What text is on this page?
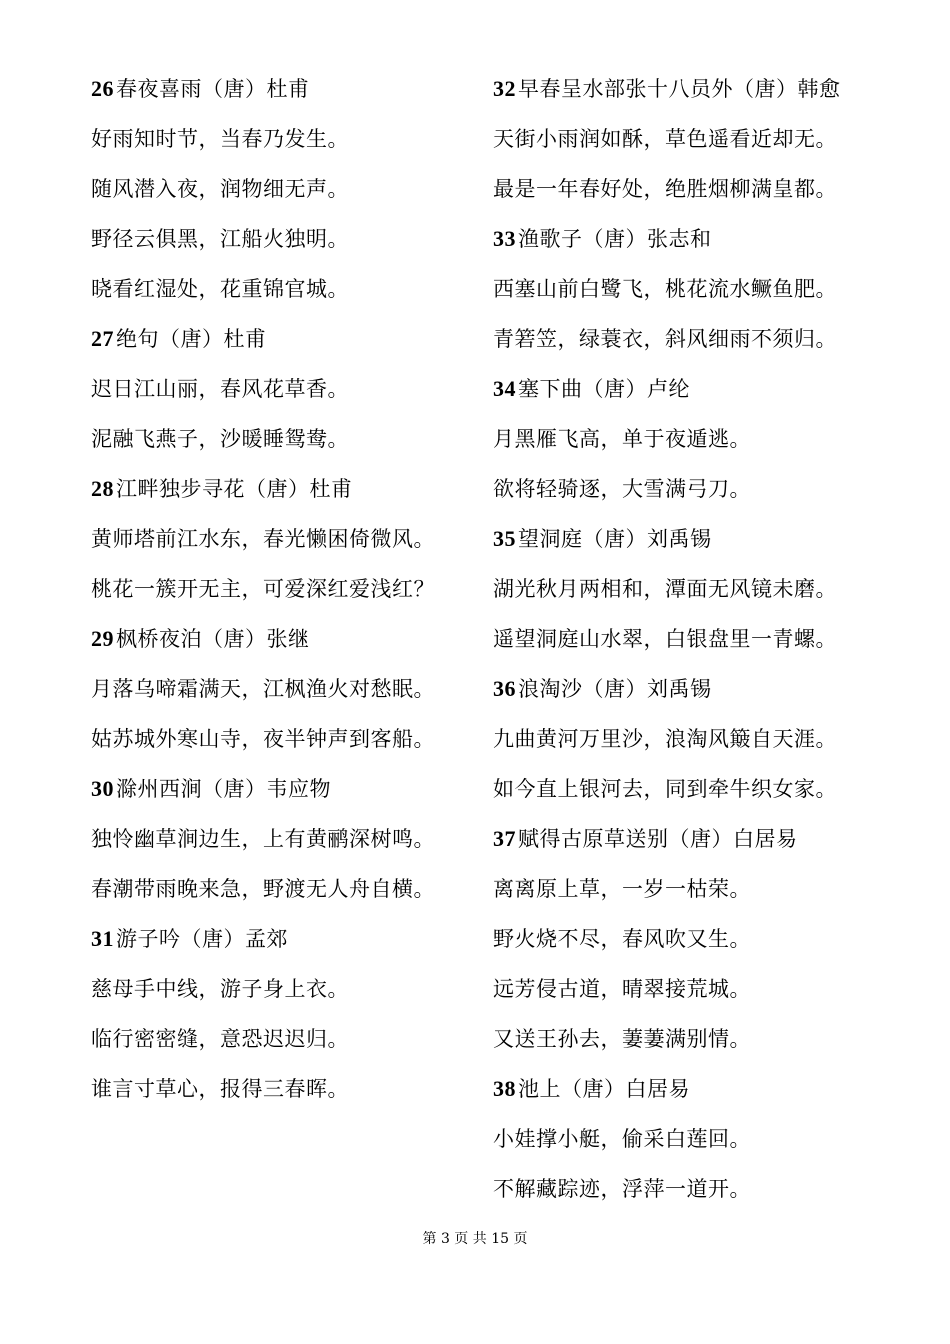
26春夜喜雨（唐）杜甫
好雨知时节，当春乃发生。
随风潜入夜，润物细无声。
野径云俱黑，江船火独明。
晓看红湿处，花重锦官城。
27绝句（唐）杜甫
迟日江山丽，春风花草香。
泥融飞燕子，沙暖睡鸳鸯。
28江畔独步寻花（唐）杜甫
黄师塔前江水东，春光懒困倚微风。
桃花一簇开无主，可爱深红爱浅红？
29枫桥夜泊（唐）张继
月落乌啼霜满天，江枫渔火对愁眠。
姑苏城外寒山寺，夜半钟声到客船。
30滁州西涧（唐）韦应物
独怜幽草涧边生，上有黄鹂深树鸣。
春潮带雨晚来急，野渡无人舟自横。
31游子吟（唐）孟郊
慈母手中线，游子身上衣。
临行密密缝，意恐迟迟归。
谁言寸草心，报得三春晖。
32早春呈水部张十八员外（唐）韩愈
天街小雨润如酥，草色遥看近却无。
最是一年春好处，绝胜烟柳满皇都。
33渔歌子（唐）张志和
西塞山前白鹭飞，桃花流水鳜鱼肥。
青箬笠，绿蓑衣，斜风细雨不须归。
34塞下曲（唐）卢纶
月黑雁飞高，单于夜遁逃。
欲将轻骑逐，大雪满弓刀。
35望洞庭（唐）刘禹锡
湖光秋月两相和，潭面无风镜未磨。
遥望洞庭山水翠，白银盘里一青螺。
36浪淘沙（唐）刘禹锡
九曲黄河万里沙，浪淘风簸自天涯。
如今直上银河去，同到牵牛织女家。
37赋得古原草送别（唐）白居易
离离原上草，一岁一枯荣。
野火烧不尽，春风吹又生。
远芳侵古道，晴翠接荒城。
又送王孙去，萋萋满别情。
38池上（唐）白居易
小娃撑小艇，偷采白莲回。
不解藏踪迹，浮萍一道开。
第 3 页 共 15 页
